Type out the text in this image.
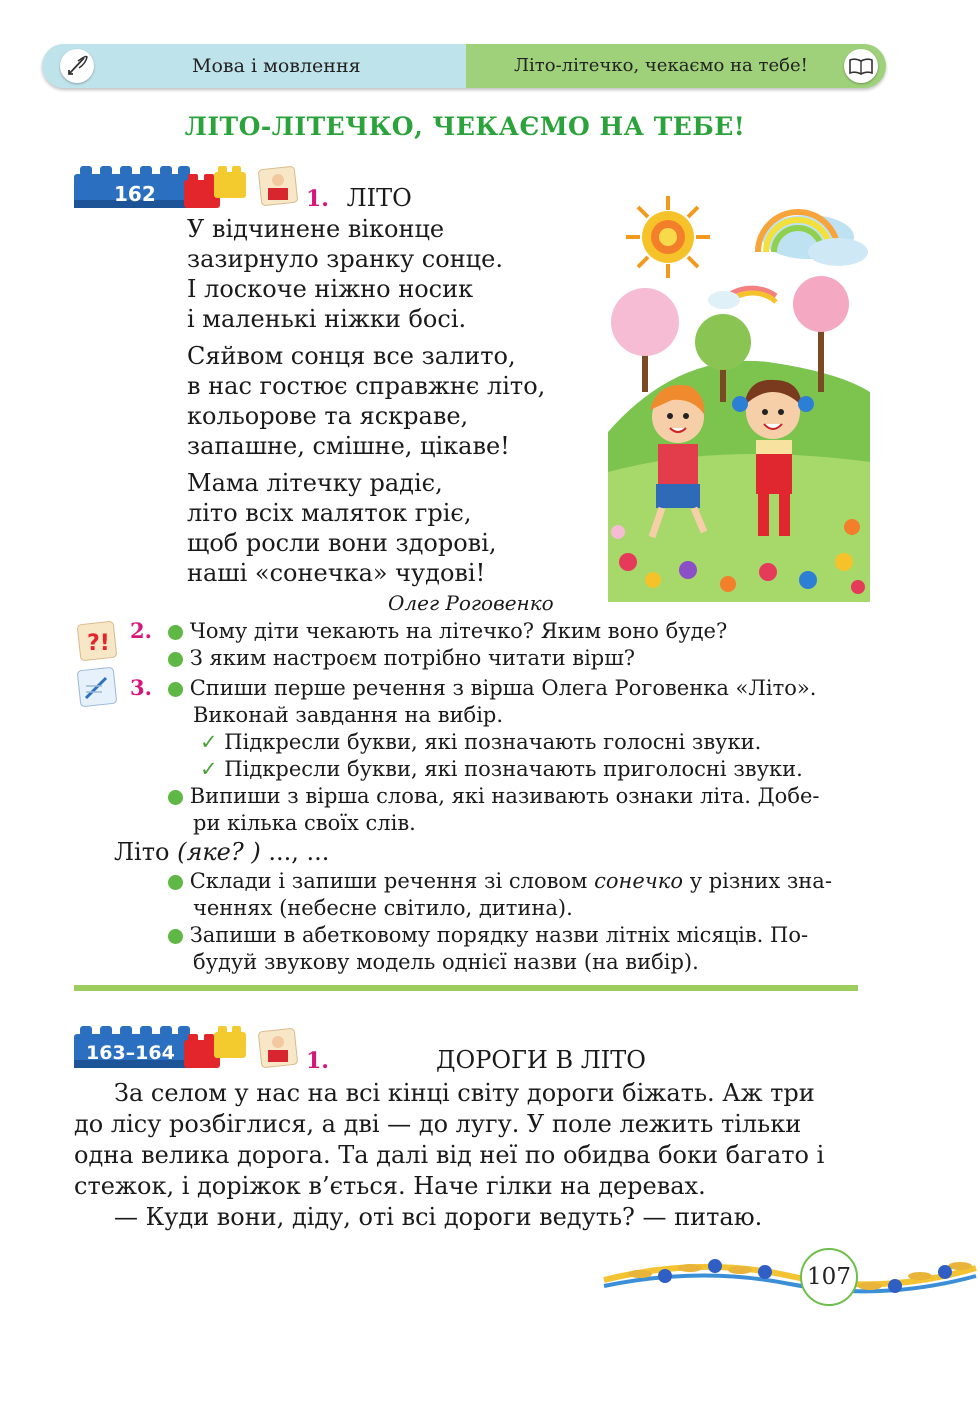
Мова і мовлення	Літо-літечко, чекаємо на тебе!
ЛІТО-ЛІТЕЧКО, ЧЕКАЄМО НА ТЕБЕ!
162	1. ЛІТО
У відчинене віконце
зазирнуло зранку сонце.
І лоскоче ніжно носик
і маленькі ніжки босі.
Сяйвом сонця все залито,
в нас гостює справжнє літо,
кольорове та яскраве,
запашне, смішне, цікаве!
Мама літечку радіє,
літо всіх маляток гріє,
щоб росли вони здорові,
наші «сонечка» чудові!
Олег Роговенко
?!
2. Чому діти чекають на літечко? Яким воно буде?
З яким настроєм потрібно читати вірш?
3. Спиши перше речення з вірша Олега Роговенка «Літо».
Виконай завдання на вибір.
✓ Підкресли букви, які позначають голосні звуки.
✓ Підкресли букви, які позначають приголосні звуки.
Випиши з вірша слова, які називають ознаки літа. Добе-
ри кілька своїх слів.
Літо (яке? ) ..., ...
Склади і запиши речення зі словом сонечко у різних зна-
ченнях (небесне світило, дитина).
Запиши в абетковому порядку назви літніх місяців. По-
будуй звукову модель однієї назви (на вибір).
163–164	1.	ДОРОГИ В ЛІТО
За селом у нас на всі кінці світу дороги біжать. Аж три
до лісу розбіглися, а дві — до лугу. У поле лежить тільки
одна велика дорога. Та далі від неї по обидва боки багато і
стежок, і доріжок в’ється. Наче гілки на деревах.
— Куди вони, діду, оті всі дороги ведуть? — питаю.
107
